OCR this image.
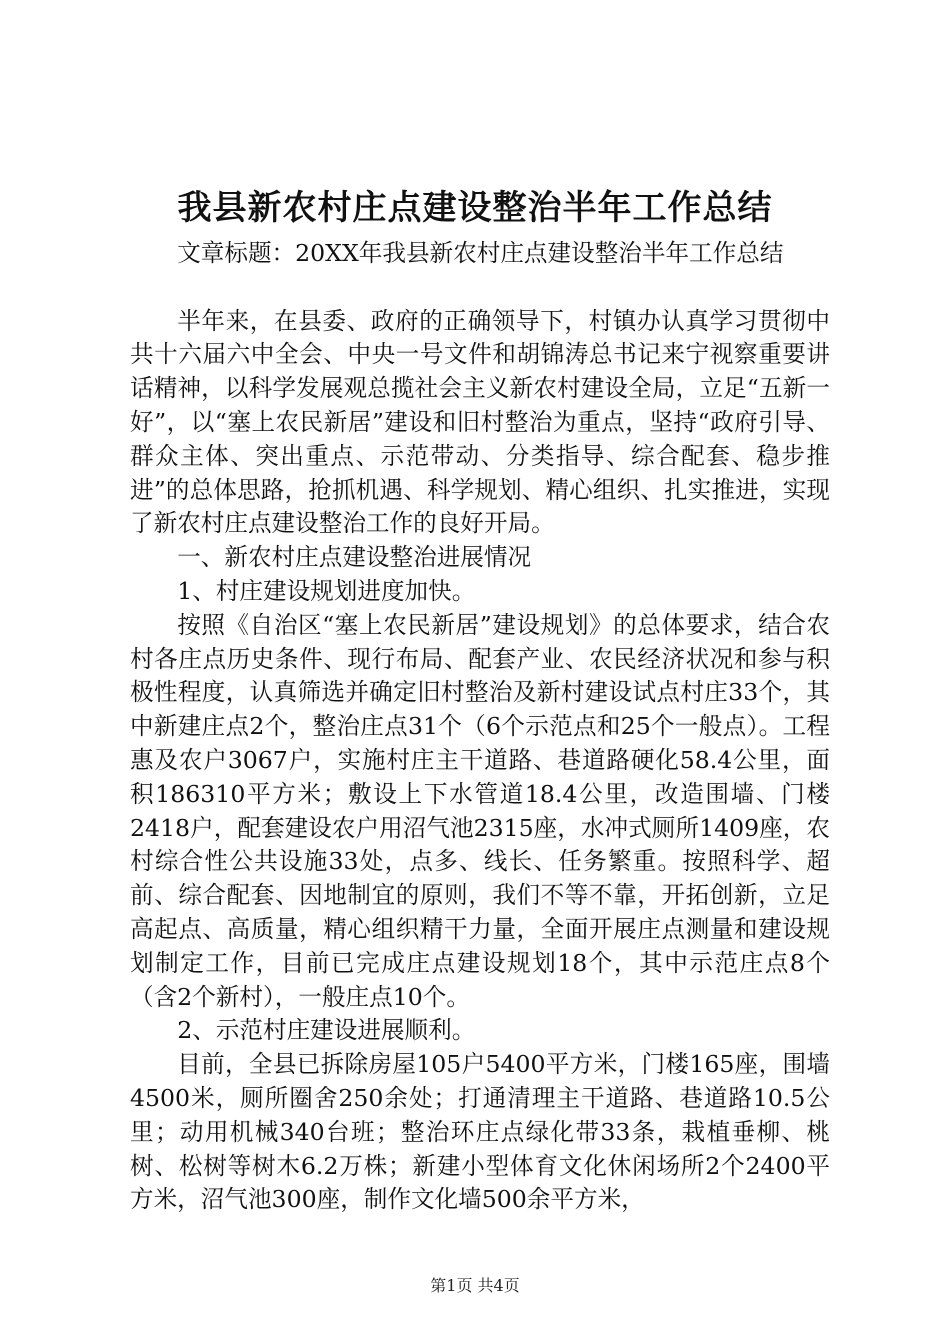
我县新农村庄点建设整治半年工作总结

文章标题：20XX年我县新农村庄点建设整治半年工作总结

半年来，在县委、政府的正确领导下，村镇办认真学习贯彻中共十六届六中全会、中央一号文件和胡锦涛总书记来宁视察重要讲话精神，以科学发展观总揽社会主义新农村建设全局，立足“五新一好”，以“塞上农民新居”建设和旧村整治为重点，坚持“政府引导、群众主体、突出重点、示范带动、分类指导、综合配套、稳步推进”的总体思路，抢抓机遇、科学规划、精心组织、扎实推进，实现了新农村庄点建设整治工作的良好开局。

一、新农村庄点建设整治进展情况

1、村庄建设规划进度加快。

按照《自治区“塞上农民新居”建设规划》的总体要求，结合农村各庄点历史条件、现行布局、配套产业、农民经济状况和参与积极性程度，认真筛选并确定旧村整治及新村建设试点村庄33个，其中新建庄点2个，整治庄点31个（6个示范点和25个一般点）。工程惠及农户3067户，实施村庄主干道路、巷道路硬化58.4公里，面积186310平方米；敷设上下水管道18.4公里，改造围墙、门楼2418户，配套建设农户用沼气池2315座，水冲式厕所1409座，农村综合性公共设施33处，点多、线长、任务繁重。按照科学、超前、综合配套、因地制宜的原则，我们不等不靠，开拓创新，立足高起点、高质量，精心组织精干力量，全面开展庄点测量和建设规划制定工作，目前已完成庄点建设规划18个，其中示范庄点8个（含2个新村），一般庄点10个。

2、示范村庄建设进展顺利。

目前，全县已拆除房屋105户5400平方米，门楼165座，围墙4500米，厕所圈舍250余处；打通清理主干道路、巷道路10.5公里；动用机械340台班；整治环庄点绿化带33条，栽植垂柳、桃树、松树等树木6.2万株；新建小型体育文化休闲场所2个2400平方米，沼气池300座，制作文化墙500余平方米，

第1页 共4页
